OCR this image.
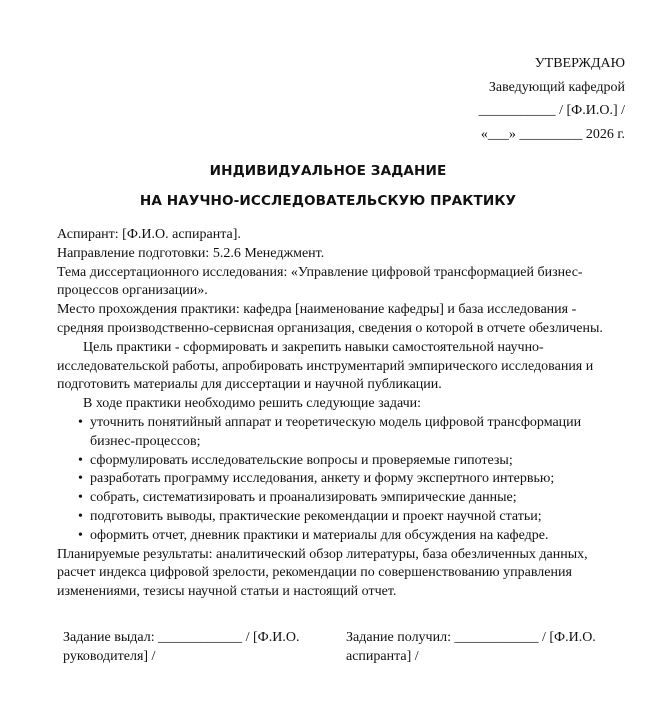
УТВЕРЖДАЮ
Заведующий кафедрой
___________ / [Ф.И.О.] /
«___» _________ 2026 г.
ИНДИВИДУАЛЬНОЕ ЗАДАНИЕ
НА НАУЧНО-ИССЛЕДОВАТЕЛЬСКУЮ ПРАКТИКУ

Аспирант: [Ф.И.О. аспиранта].

Направление подготовки: 5.2.6 Менеджмент.

Тема диссертационного исследования: «Управление цифровой трансформацией бизнес-процессов организации».

Место прохождения практики: кафедра [наименование кафедры] и база исследования - средняя производственно-сервисная организация, сведения о которой в отчете обезличены.

Цель практики - сформировать и закрепить навыки самостоятельной научно-исследовательской работы, апробировать инструментарий эмпирического исследования и подготовить материалы для диссертации и научной публикации.

В ходе практики необходимо решить следующие задачи:

• уточнить понятийный аппарат и теоретическую модель цифровой трансформации бизнес-процессов;
• сформулировать исследовательские вопросы и проверяемые гипотезы;
• разработать программу исследования, анкету и форму экспертного интервью;
• собрать, систематизировать и проанализировать эмпирические данные;
• подготовить выводы, практические рекомендации и проект научной статьи;
• оформить отчет, дневник практики и материалы для обсуждения на кафедре.

Планируемые результаты: аналитический обзор литературы, база обезличенных данных, расчет индекса цифровой зрелости, рекомендации по совершенствованию управления изменениями, тезисы научной статьи и настоящий отчет.

Задание выдал: ____________ / [Ф.И.О. руководителя] /
Задание получил: ____________ / [Ф.И.О. аспиранта] /
